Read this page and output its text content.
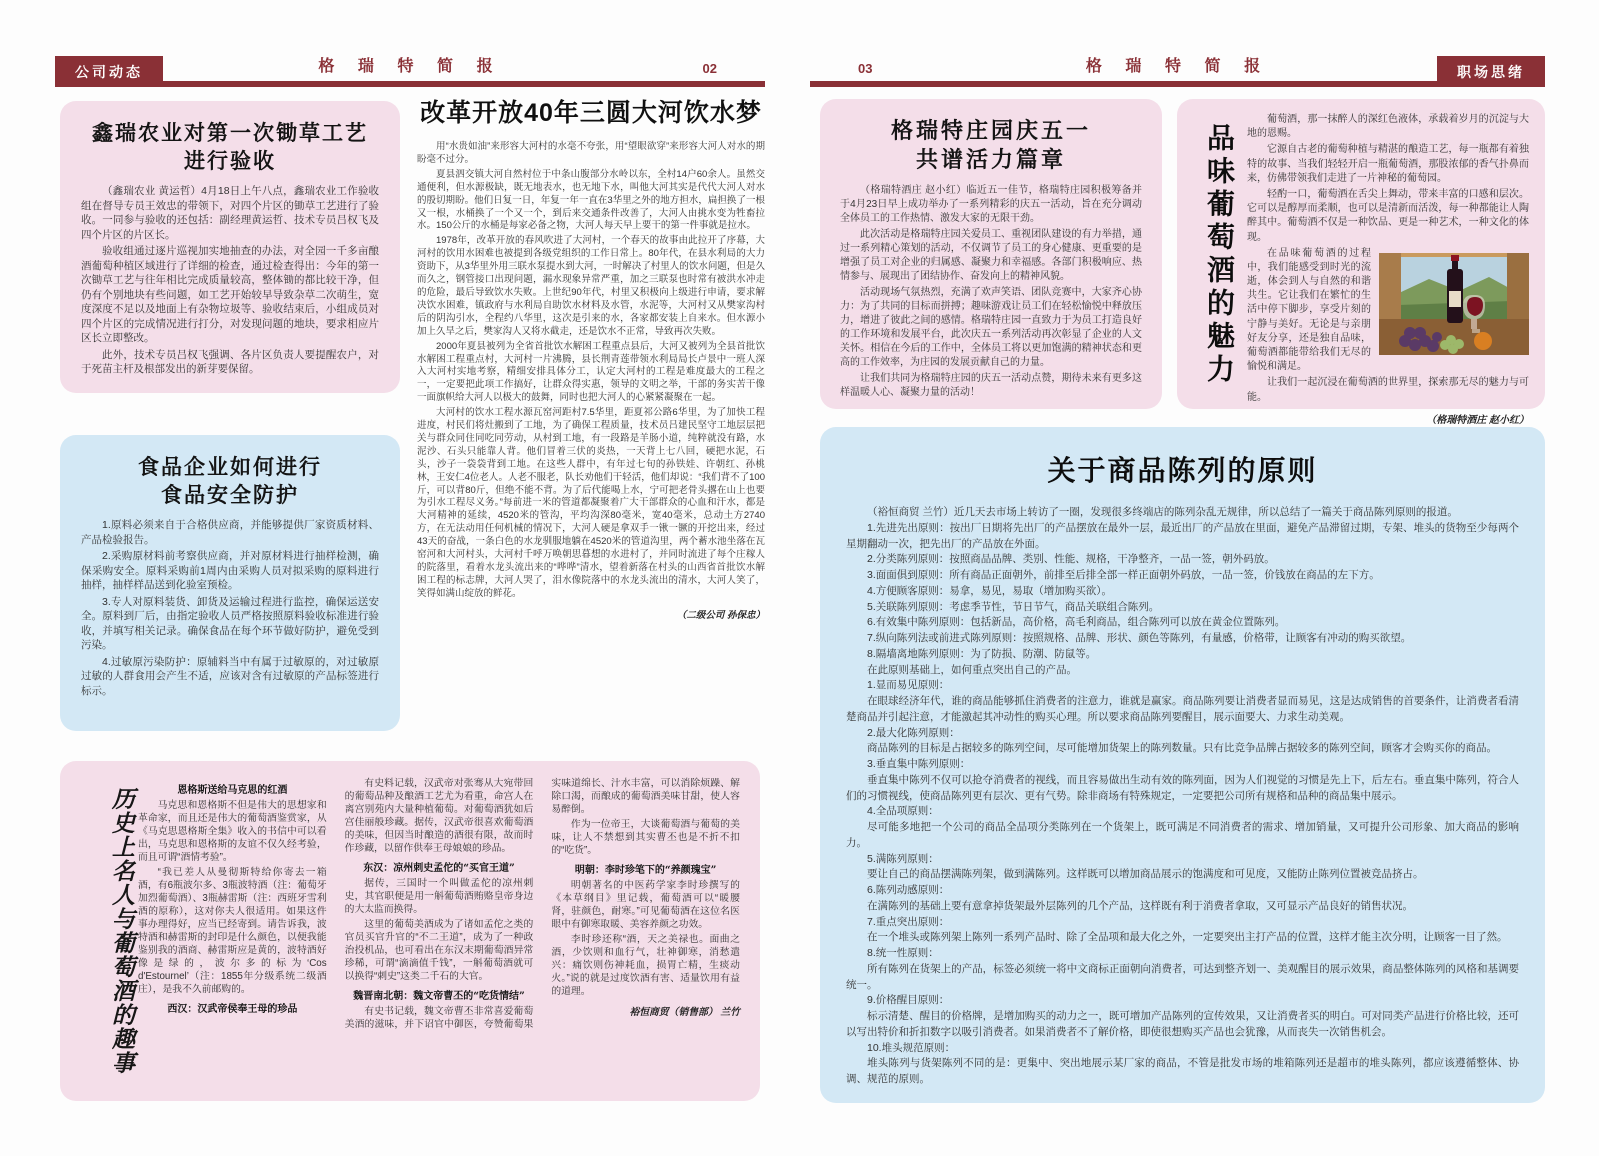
公司动态	格 瑞 特 简 报	02
鑫瑞农业对第一次锄草工艺
进行验收

（鑫瑞农业 黄运哲）4月18日上午八点，鑫瑞农业工作验收组在督导专员王效忠的带领下，对四个片区的锄草工艺进行了验收。一同参与验收的还包括：副经理黄运哲、技术专员吕权飞及四个片区的片区长。

验收组通过逐片巡视加实地抽查的办法，对全园一千多亩酿酒葡萄种植区域进行了详细的检查，通过检查得出：今年的第一次锄草工艺与往年相比完成质量较高，整体锄的都比较干净，但仍有个别地块有些问题，如工艺开始较早导致杂草二次萌生，宽度深度不足以及地面上有杂物垃圾等、验收结束后，小组成员对四个片区的完成情况进行打分，对发现问题的地块，要求相应片区长立即整改。

此外，技术专员吕权飞强调、各片区负责人要提醒农户，对于死苗主杆及根部发出的新芽要保留。

食品企业如何进行
食品安全防护

1.原料必须来自于合格供应商，并能够提供厂家资质材料、产品检验报告。

2.采购原材料前考察供应商，并对原材料进行抽样检测，确保采购安全。原料采购前1周内由采购人员对拟采购的原料进行抽样，抽样样品送到化验室预检。

3.专人对原料装货、卸货及运输过程进行监控，确保运送安全。原料到厂后，由指定验收人员严格按照原料验收标准进行验收，并填写相关记录。确保食品在每个环节做好防护，避免受到污染。

4.过敏原污染防护：原辅料当中有属于过敏原的，对过敏原过敏的人群食用会产生不适，应该对含有过敏原的产品标签进行标示。

改革开放40年三圆大河饮水梦

用“水贵如油”来形容大河村的水毫不夸张，用“望眼欲穿”来形容大河人对水的期盼毫不过分。

夏县泗交镇大河自然村位于中条山腹部分水岭以东，全村14户60余人。虽然交通便利，但水源极缺，既无地表水，也无地下水，叫他大河其实是代代大河人对水的殷切期盼。他们日复一日，年复一年一直在3华里之外的地方担水，扁担换了一根又一根，水桶换了一个又一个，到后来交通条件改善了，大河人由挑水变为牲畜拉水。150公斤的水桶是每家必备之物，大河人每天早上要干的第一件事就是拉水。

1978年，改革开放的春风吹进了大河村，一个春天的故事由此拉开了序幕，大河村的饮用水困难也被提到各级党组织的工作日常上。80年代，在县水利局的大力资助下，从3华里外用三联水泵提水到大河，一时解决了村里人的饮水问题，但是久而久之，钢管接口出现问题，漏水现象异常严重，加之三联泵也时常有被洪水冲走的危险，最后导致饮水失败。上世纪90年代，村里又积极向上级进行申请，要求解决饮水困难，镇政府与水利局自助饮水材料及水管，水泥等，大河村又从樊家沟村后的阴沟引水，全程约八华里，这次是引来的水，各家都安装上自来水。但水源小加上久旱之后，樊家沟人又将水截走，还是饮水不正常，导致再次失败。

2000年夏县被列为全省首批饮水解困工程重点县后，大河又被列为全县首批饮水解困工程重点村，大河村一片沸腾，县长荆青莲带领水利局局长卢景中一班人深入大河村实地考察，精细安排具体分工，认定大河村的工程是难度最大的工程之一，一定要把此项工作搞好，让群众得实惠，领导的文明之举，干部的务实苦干像一面旗帜给大河人以极大的鼓舞，同时也把大河人的心紧紧凝聚在一起。

大河村的饮水工程水源瓦窑河距村7.5华里，距夏祁公路6华里，为了加快工程进度，村民们将灶搬到了工地，为了确保工程质量，技术员吕建民坚守工地层层把关与群众同住同吃同劳动，从村到工地，有一段路是羊肠小道，纯粹就没有路，水泥沙、石头只能靠人背。他们冒着三伏的炎热，一天背上七八回，硬把水泥，石头，沙子一袋袋背到工地。在这些人群中，有年过七旬的孙铁娃、许朝红、孙桃林，王安仁4位老人。人老不服老，队长劝他们干轻活，他们却说：“我们背不了100斤，可以背80斤，但绝不能不背。为了后代能喝上水，宁可把老骨头撂在山上也要为引水工程尽义务。”每前进一米的管道都凝聚着广大干部群众的心血和汗水，都是大河精神的延续，4520米的管沟，平均沟深80毫米，宽40毫米，总动土方2740方，在无法动用任何机械的情况下，大河人硬是拿双手一锹一镢的开挖出来，经过43天的奋战，一条白色的水龙驯服地躺在4520米的管道沟里，两个蓄水池坐落在瓦窑河和大河村头，大河村千呼万唤朝思暮想的水进村了，并同时流进了每个庄稼人的院落里，看着水龙头流出来的“哗哗”清水，望着新落在村头的山西省首批饮水解困工程的标志牌，大河人哭了，泪水像院落中的水龙头流出的清水，大河人笑了，笑得如满山绽放的鲜花。

（二级公司 孙保忠）

历史上名人与葡萄酒的趣事	恩格斯送给马克思的红酒

马克思和恩格斯不但是伟大的思想家和革命家，而且还是伟大的葡萄酒鉴赏家，从《马克思恩格斯全集》收入的书信中可以看出，马克思和恩格斯的友谊不仅久经考验，而且可谓“酒情考验”。

“我已差人从曼彻斯特给你寄去一箱酒，有6瓶波尔多、3瓶波特酒（注：葡萄牙加烈葡萄酒）、3瓶赫雷斯（注：西班牙雪利酒的原称），这对你夫人很适用。如果这件事办理得好，应当已经寄到。请告诉我，波特酒和赫雷斯的封印是什么颜色，以便我能鉴别我的酒商、赫雷斯应是黄的，波特酒好像是绿的，波尔多的标为‘Cos d'Estournel’（注：1855年分级系统二级酒庄），是我不久前邮购的。

西汉：汉武帝侯奉王母的珍品

有史料记载，汉武帝对张骞从大宛带回的葡萄品种及酿酒工艺尤为看重，命宫人在离宫别苑内大量种植葡萄。对葡萄酒犹如后宫佳丽般珍藏。据传，汉武帝很喜欢葡萄酒的美味，但因当时酿造的酒很有限，故而时作珍藏，以留作供奉王母娘娘的珍品。

东汉：凉州刺史孟佗的“买官王道”

据传，三国时一个叫做孟佗的凉州刺史，其官职便是用一斛葡萄酒贿赂皇帝身边的大太监而换得。

这里的葡萄美酒成为了诸如孟佗之类的官员买官升官的“不二王道”，成为了一种政治投机品，也可看出在东汉末期葡萄酒异常珍稀，可谓“滴滴值千钱”，一斛葡萄酒就可以换得“刺史”这类二千石的大官。

魏晋南北朝：魏文帝曹丕的“吃货情结”

有史书记载，魏文帝曹丕非常喜爱葡萄美酒的滋味，并下诏官中御医，夸赞葡萄果实味道绵长、汁水丰富，可以消除烦躁、解除口渴，而酿成的葡萄酒美味甘甜，使人容易醉倒。

作为一位帝王，大谈葡萄酒与葡萄的美味，让人不禁想到其实曹丕也是不折不扣的“吃货”。

明朝：李时珍笔下的“养颜瑰宝”

明朝著名的中医药学家李时珍撰写的《本草纲目》里记载，葡萄酒可以“暖腰肾，驻颜色，耐寒。”可见葡萄酒在这位名医眼中有御寒取暖、美容养颜之功效。

李时珍还称“酒，天之美禄也。面曲之酒，少饮则和血行气，壮神御寒，消愁遣兴：痛饮则伤神耗血，损胃亡精，生痰动火。”说的就是过度饮酒有害、适量饮用有益的道理。

裕恒商贸（销售部） 兰竹

03	格 瑞 特 简 报	职场思绪
格瑞特庄园庆五一
共谱活力篇章

（格瑞特酒庄 赵小红）临近五一佳节，格瑞特庄园积极筹备并于4月23日早上成功举办了一系列精彩的庆五一活动，旨在充分调动全体员工的工作热情、激发大家的无限干劲。

此次活动是格瑞特庄园关爱员工、重视团队建设的有力举措，通过一系列精心策划的活动，不仅调节了员工的身心健康、更重要的是增强了员工对企业的归属感、凝聚力和幸福感。各部门积极响应、热情参与、展现出了团结协作、奋发向上的精神风貌。

活动现场气氛热烈，充满了欢声笑语、团队竞赛中，大家齐心协力：为了共同的目标而拼搏；趣味游戏让员工们在轻松愉悦中释放压力，增进了彼此之间的感情。格瑞特庄园一直致力于为员工打造良好的工作环境和发展平台，此次庆五一系列活动再次彰显了企业的人文关怀。相信在今后的工作中，全体员工将以更加饱满的精神状态和更高的工作效率，为庄园的发展贡献自己的力量。

让我们共同为格瑞特庄园的庆五一活动点赞，期待未来有更多这样温暖人心、凝聚力量的活动！

品味葡萄酒的魅力

葡萄酒，那一抹醉人的深红色液体，承载着岁月的沉淀与大地的恩赐。

它源自古老的葡萄种植与精湛的酿造工艺，每一瓶都有着独特的故事、当我们轻轻开启一瓶葡萄酒，那股浓郁的香气扑鼻而来，仿佛带领我们走进了一片神秘的葡萄园。

轻酌一口，葡萄酒在舌尖上舞动，带来丰富的口感和层次。它可以是醇厚而柔顺，也可以是清新而活泼，每一种都能让人陶醉其中。葡萄酒不仅是一种饮品、更是一种艺术，一种文化的体现。

在品味葡萄酒的过程中，我们能感受到时光的流逝，体会到人与自然的和谐共生。它让我们在繁忙的生活中停下脚步，享受片刻的宁静与美好。无论是与亲朋好友分享，还是独自品味，葡萄酒都能带给我们无尽的愉悦和满足。

让我们一起沉浸在葡萄酒的世界里，探索那无尽的魅力与可能。

（格瑞特酒庄 赵小红）

关于商品陈列的原则

（裕恒商贸 兰竹）近几天去市场上转访了一圈，发现很多终端店的陈列杂乱无规律，所以总结了一篇关于商品陈列原则的报道。

1.先进先出原则：按出厂日期将先出厂的产品摆放在最外一层，最近出厂的产品放在里面，避免产品滞留过期，专架、堆头的货物至少每两个星期翻动一次，把先出厂的产品放在外面。

2.分类陈列原则：按照商品品牌、类别、性能、规格，干净整齐，一品一签，朝外码放。

3.面面俱到原则：所有商品正面朝外，前排至后排全部一样正面朝外码放，一品一签，价钱放在商品的左下方。

4.方便顾客原则：易拿，易见，易取（增加购买欲）。

5.关联陈列原则：考虑季节性，节日节气，商品关联组合陈列。

6.有效集中陈列原则：包括新品，高价格，高毛利商品，组合陈列可以放在黄金位置陈列。

7.纵向陈列法或前进式陈列原则：按照规格、品牌、形状、颜色等陈列，有量感，价格带，让顾客有冲动的购买欲望。

8.隔墙离地陈列原则：为了防损、防潮、防鼠等。

在此原则基础上，如何重点突出自己的产品。

1.显而易见原则：

在眼球经济年代，谁的商品能够抓住消费者的注意力，谁就是赢家。商品陈列要让消费者显而易见，这是达成销售的首要条件，让消费者看清楚商品并引起注意，才能激起其冲动性的购买心理。所以要求商品陈列要醒目，展示面要大、力求生动美观。

2.最大化陈列原则：

商品陈列的目标是占据较多的陈列空间，尽可能增加货架上的陈列数量。只有比竞争品牌占据较多的陈列空间，顾客才会购买你的商品。

3.垂直集中陈列原则：

垂直集中陈列不仅可以抢夺消费者的视线，而且容易做出生动有效的陈列面，因为人们视觉的习惯是先上下，后左右。垂直集中陈列，符合人们的习惯视线，使商品陈列更有层次、更有气势。除非商场有特殊规定，一定要把公司所有规格和品种的商品集中展示。

4.全品项原则：

尽可能多地把一个公司的商品全品项分类陈列在一个货架上，既可满足不同消费者的需求、增加销量，又可提升公司形象、加大商品的影响力。

5.满陈列原则：

要让自己的商品摆满陈列架，做到满陈列。这样既可以增加商品展示的饱满度和可见度，又能防止陈列位置被竞品挤占。

6.陈列动感原则：

在满陈列的基础上要有意拿掉货架最外层陈列的几个产品，这样既有利于消费者拿取，又可显示产品良好的销售状况。

7.重点突出原则：

在一个堆头或陈列架上陈列一系列产品时、除了全品项和最大化之外，一定要突出主打产品的位置，这样才能主次分明，让顾客一目了然。

8.统一性原则：

所有陈列在货架上的产品，标签必须统一将中文商标正面朝向消费者，可达到整齐划一、美观醒目的展示效果，商品整体陈列的风格和基调要统一。

9.价格醒目原则：

标示清楚、醒目的价格牌，是增加购买的动力之一，既可增加产品陈列的宣传效果，又让消费者买的明白。可对同类产品进行价格比较，还可以写出特价和折扣数字以吸引消费者。如果消费者不了解价格，即使很想购买产品也会犹豫，从而丧失一次销售机会。

10.堆头规范原则：

堆头陈列与货架陈列不同的是：更集中、突出地展示某厂家的商品，不管是批发市场的堆箱陈列还是超市的堆头陈列，都应该遵循整体、协调、规范的原则。
